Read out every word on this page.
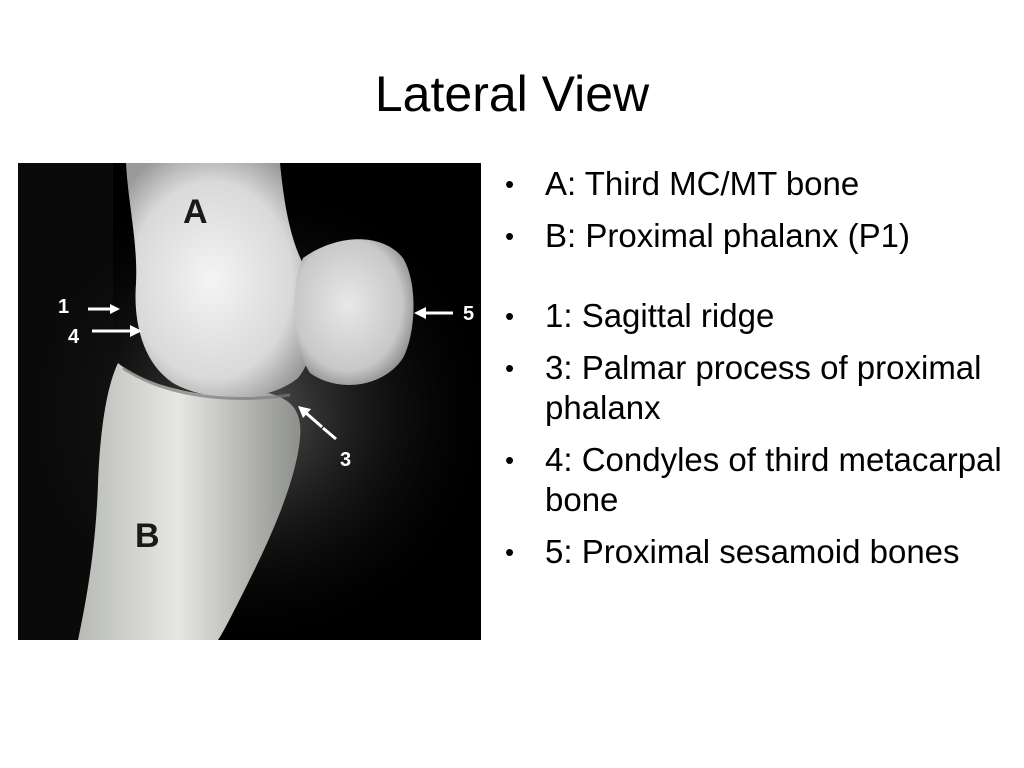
Lateral View
A
B
1
4
5
3
• A: Third MC/MT bone
• B: Proximal phalanx (P1)
• 1: Sagittal ridge
• 3: Palmar process of proximal phalanx
• 4: Condyles of third metacarpal bone
• 5: Proximal sesamoid bones
